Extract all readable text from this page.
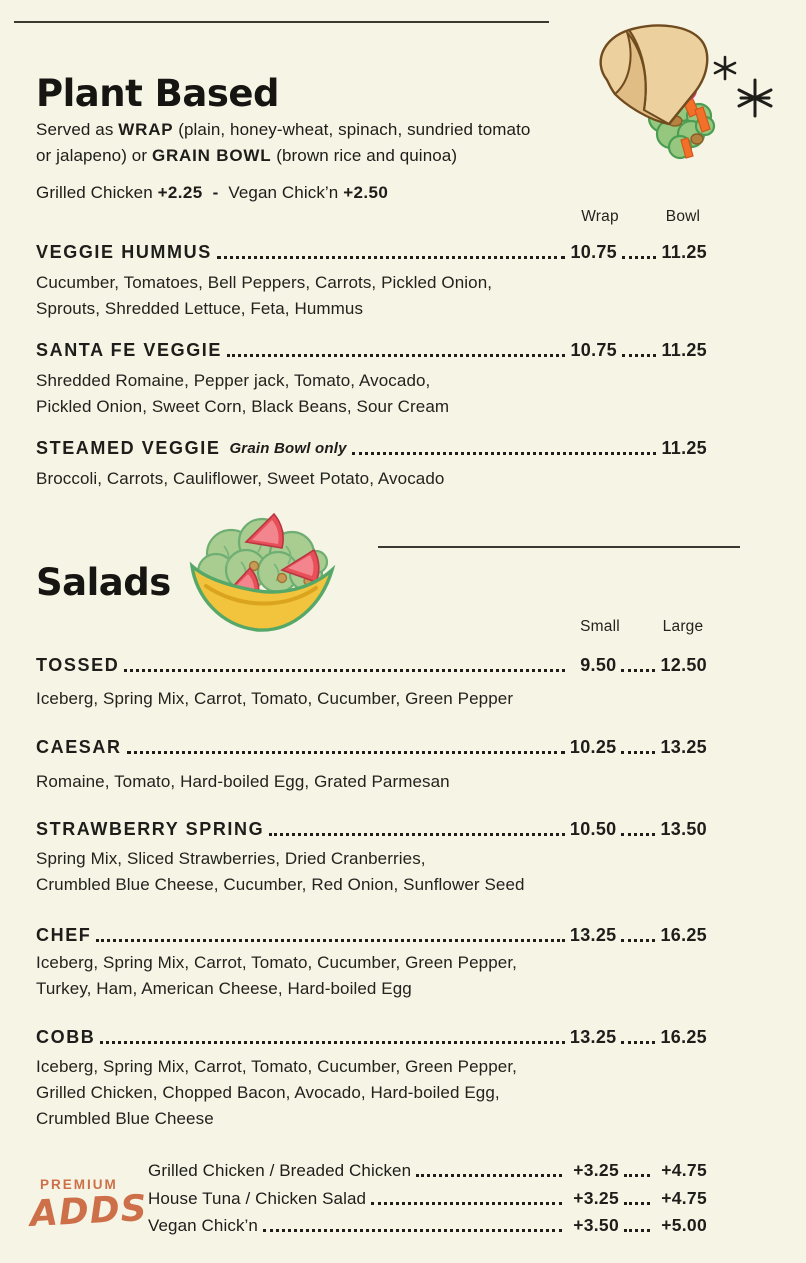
Plant Based
Served as WRAP (plain, honey-wheat, spinach, sundried tomato
or jalapeno) or GRAIN BOWL (brown rice and quinoa)
Grilled Chicken +2.25 - Vegan Chick’n +2.50
Wrap	Bowl
VEGGIE HUMMUS	10.75 11.25
Cucumber, Tomatoes, Bell Peppers, Carrots, Pickled Onion,
Sprouts, Shredded Lettuce, Feta, Hummus
SANTA FE VEGGIE	10.75 11.25
Shredded Romaine, Pepper jack, Tomato, Avocado,
Pickled Onion, Sweet Corn, Black Beans, Sour Cream
STEAMED VEGGIE Grain Bowl only	11.25
Broccoli, Carrots, Cauliflower, Sweet Potato, Avocado
Salads
Small	Large
TOSSED	9.50 12.50
Iceberg, Spring Mix, Carrot, Tomato, Cucumber, Green Pepper
CAESAR	10.25 13.25
Romaine, Tomato, Hard-boiled Egg, Grated Parmesan
STRAWBERRY SPRING	10.50 13.50
Spring Mix, Sliced Strawberries, Dried Cranberries,
Crumbled Blue Cheese, Cucumber, Red Onion, Sunflower Seed
CHEF	13.25 16.25
Iceberg, Spring Mix, Carrot, Tomato, Cucumber, Green Pepper,
Turkey, Ham, American Cheese, Hard-boiled Egg
COBB	13.25 16.25
Iceberg, Spring Mix, Carrot, Tomato, Cucumber, Green Pepper,
Grilled Chicken, Chopped Bacon, Avocado, Hard-boiled Egg,
Crumbled Blue Cheese
PREMIUM
ADDS
Grilled Chicken / Breaded Chicken	+3.25	+4.75
House Tuna / Chicken Salad	+3.25	+4.75
Vegan Chick’n	+3.50	+5.00
